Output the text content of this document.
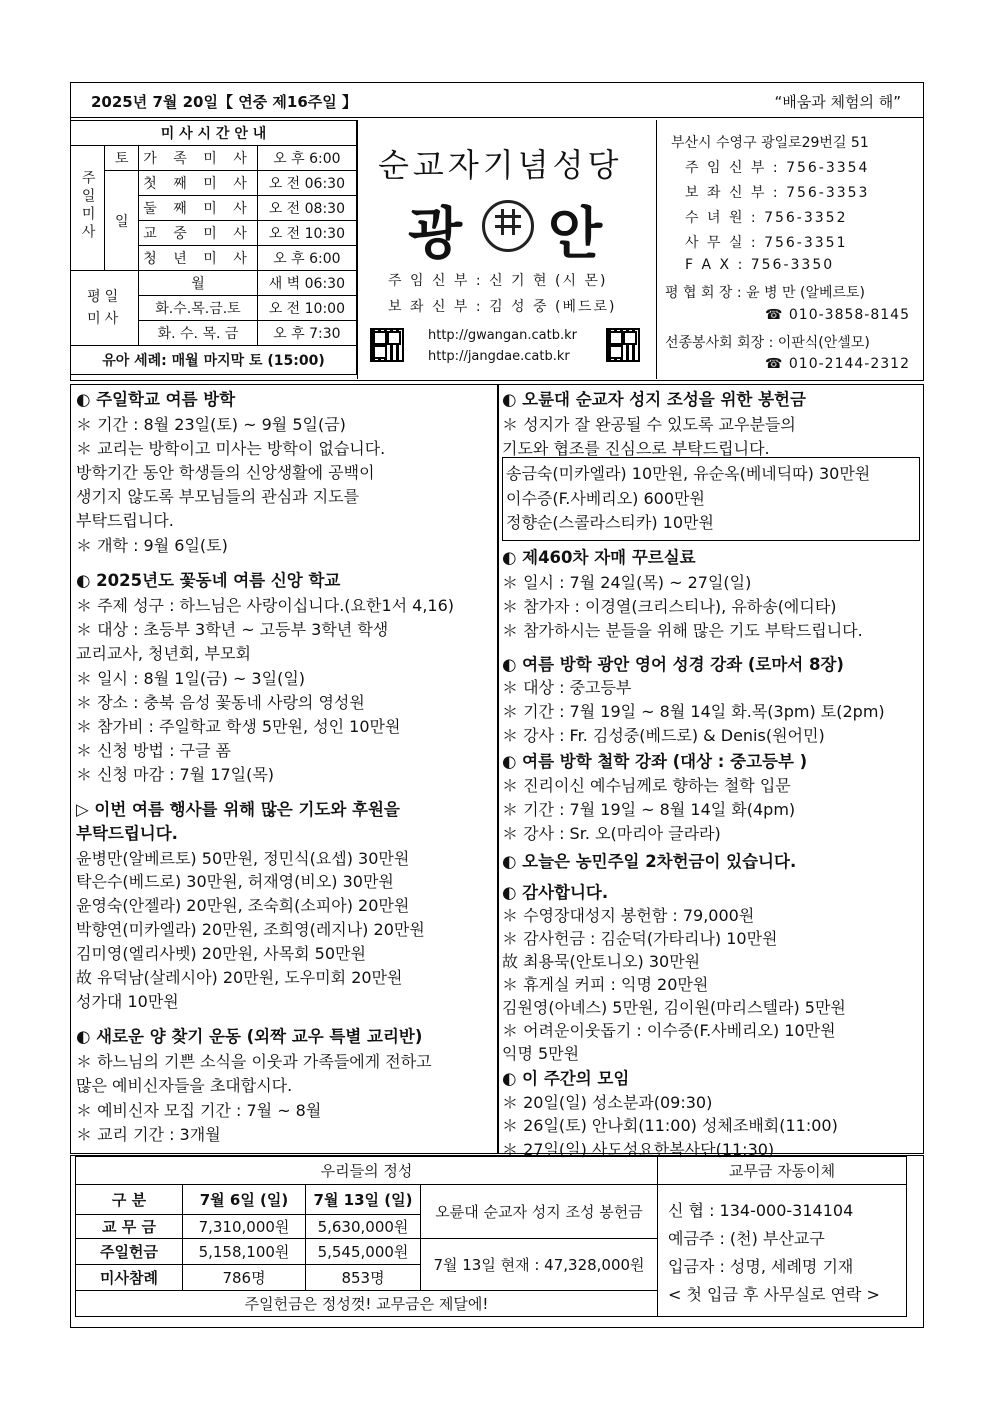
2025년 7월 20일【 연중 제16주일 】	“배움과 체험의 해”
미 사 시 간 안 내			
주일미사	토	가 족 미 사	오 후 6:00
	일	첫 째 미 사	오 전 06:30
		둘 째 미 사	오 전 08:30
		교 중 미 사	오 전 10:30
		청 년 미 사	오 후 6:00
평일미사		월	새 벽 06:30
		화.수.목.금.토	오 전 10:00
		화. 수. 목. 금	오 후 7:30
유아 세례: 매월 마지막 토 (15:00)			
순교자기념성당
광 안
주 임 신 부 : 신 기 현 (시 몬)
보 좌 신 부 : 김 성 중 (베드로)
http://gwangan.catb.kr
http://jangdae.catb.kr
부산시 수영구 광일로29번길 51
주 임 신 부 : 756-3354
보 좌 신 부 : 756-3353
수 녀 원 : 756-3352
사 무 실 : 756-3351
F A X : 756-3350
평 협 회 장 : 윤 병 만 (알베르토)
☎ 010-3858-8145
선종봉사회 회장 : 이판식(안셀모)
☎ 010-2144-2312
◐ 주일학교 여름 방학
＊ 기간 : 8월 23일(토) ~ 9월 5일(금)
＊ 교리는 방학이고 미사는 방학이 없습니다.
방학기간 동안 학생들의 신앙생활에 공백이
생기지 않도록 부모님들의 관심과 지도를
부탁드립니다.
＊ 개학 : 9월 6일(토)
◐ 2025년도 꽃동네 여름 신앙 학교
＊ 주제 성구 : 하느님은 사랑이십니다.(요한1서 4,16)
＊ 대상 : 초등부 3학년 ~ 고등부 3학년 학생
교리교사, 청년회, 부모회
＊ 일시 : 8월 1일(금) ~ 3일(일)
＊ 장소 : 충북 음성 꽃동네 사랑의 영성원
＊ 참가비 : 주일학교 학생 5만원, 성인 10만원
＊ 신청 방법 : 구글 폼
＊ 신청 마감 : 7월 17일(목)
▷ 이번 여름 행사를 위해 많은 기도와 후원을
부탁드립니다.
윤병만(알베르토) 50만원, 정민식(요셉) 30만원
탁은수(베드로) 30만원, 허재영(비오) 30만원
윤영숙(안젤라) 20만원, 조숙희(소피아) 20만원
박향연(미카엘라) 20만원, 조희영(레지나) 20만원
김미영(엘리사벳) 20만원, 사목회 50만원
故 유덕남(살레시아) 20만원, 도우미회 20만원
성가대 10만원
◐ 새로운 양 찾기 운동 (외짝 교우 특별 교리반)
＊ 하느님의 기쁜 소식을 이웃과 가족들에게 전하고
많은 예비신자들을 초대합시다.
＊ 예비신자 모집 기간 : 7월 ~ 8월
＊ 교리 기간 : 3개월
◐ 오륜대 순교자 성지 조성을 위한 봉헌금
＊ 성지가 잘 완공될 수 있도록 교우분들의
기도와 협조를 진심으로 부탁드립니다.
송금숙(미카엘라) 10만원, 유순옥(베네딕따) 30만원
이수증(F.사베리오) 600만원
정향순(스콜라스티카) 10만원
◐ 제460차 자매 꾸르실료
＊ 일시 : 7월 24일(목) ~ 27일(일)
＊ 참가자 : 이경열(크리스티나), 유하송(에디타)
＊ 참가하시는 분들을 위해 많은 기도 부탁드립니다.
◐ 여름 방학 광안 영어 성경 강좌 (로마서 8장)
＊ 대상 : 중고등부
＊ 기간 : 7월 19일 ~ 8월 14일 화.목(3pm) 토(2pm)
＊ 강사 : Fr. 김성중(베드로) & Denis(원어민)
◐ 여름 방학 철학 강좌 (대상 : 중고등부 )
＊ 진리이신 예수님께로 향하는 철학 입문
＊ 기간 : 7월 19일 ~ 8월 14일 화(4pm)
＊ 강사 : Sr. 오(마리아 글라라)
◐ 오늘은 농민주일 2차헌금이 있습니다.
◐ 감사합니다.
＊ 수영장대성지 봉헌함 : 79,000원
＊ 감사헌금 : 김순덕(가타리나) 10만원
故 최용묵(안토니오) 30만원
＊ 휴게실 커피 : 익명 20만원
김원영(아녜스) 5만원, 김이원(마리스텔라) 5만원
＊ 어려운이웃돕기 : 이수증(F.사베리오) 10만원
익명 5만원
◐ 이 주간의 모임
＊ 20일(일) 성소분과(09:30)
＊ 26일(토) 안나회(11:00) 성체조배회(11:00)
＊ 27일(일) 사도성요한복사단(11:30)
우리들의 정성				교무금 자동이체
구 분	7월 6일 (일)	7월 13일 (일)	오륜대 순교자 성지 조성 봉헌금	신 협 : 134-000-314104
예금주 : (천) 부산교구
입금자 : 성명, 세례명 기재
< 첫 입금 후 사무실로 연락 >

교 무 금	7,310,000원	5,630,000원		
주일헌금	5,158,100원	5,545,000원	7월 13일 현재 : 47,328,000원	
미사참례	786명	853명		
주일헌금은 정성껏! 교무금은 제달에!				
